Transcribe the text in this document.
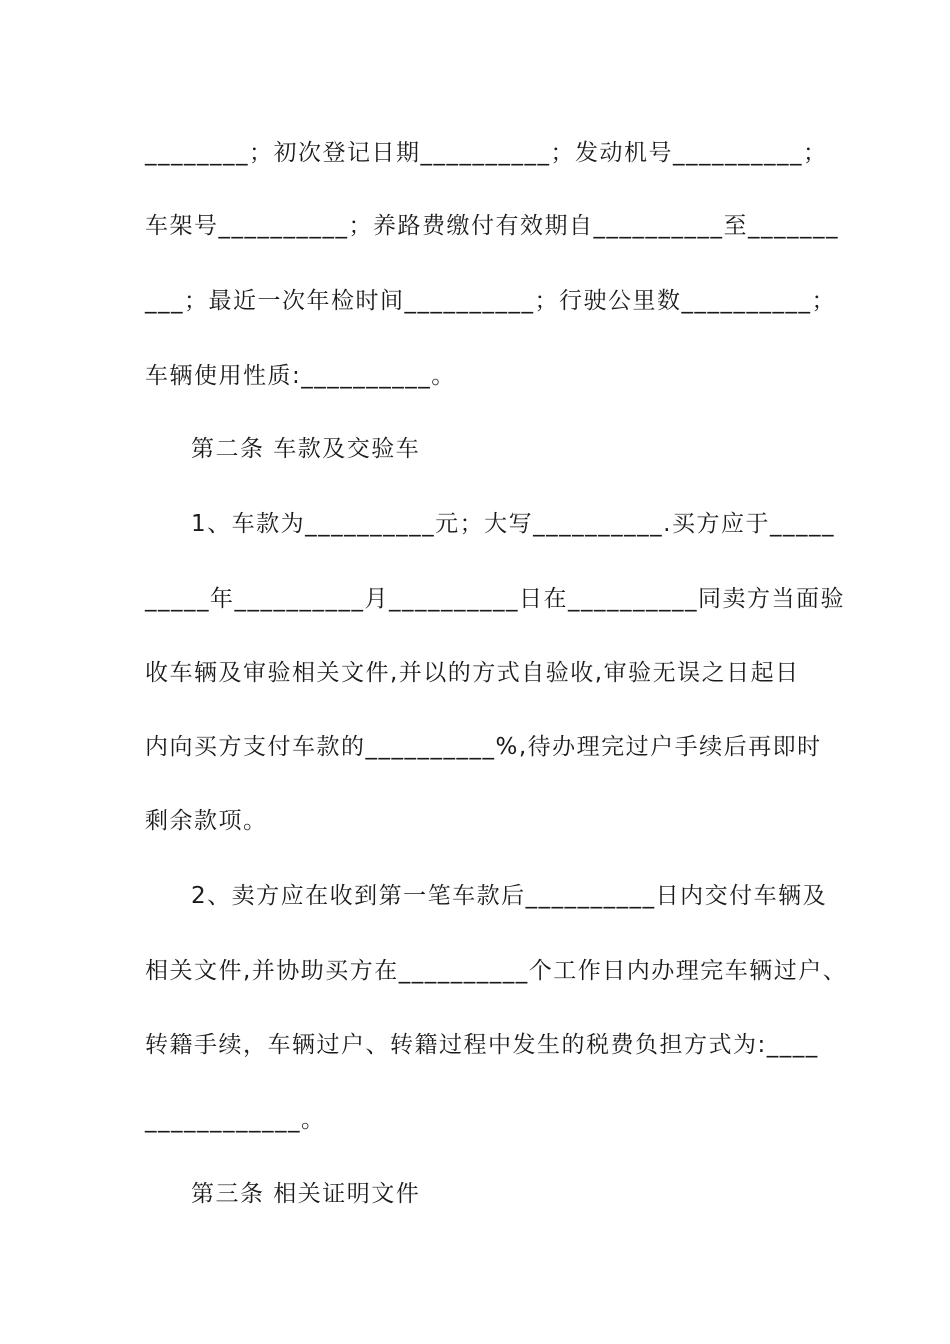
________；初次登记日期__________；发动机号__________；
车架号__________；养路费缴付有效期自__________至_______
___；最近一次年检时间__________；行驶公里数__________；
车辆使用性质:__________。
第二条 车款及交验车
1、车款为__________元；大写__________.买方应于_____
_____年__________月__________日在__________同卖方当面验
收车辆及审验相关文件,并以的方式自验收,审验无误之日起日
内向买方支付车款的__________%,待办理完过户手续后再即时
剩余款项。
2、卖方应在收到第一笔车款后__________日内交付车辆及
相关文件,并协助买方在__________个工作日内办理完车辆过户、
转籍手续，车辆过户、转籍过程中发生的税费负担方式为:____
____________。
第三条 相关证明文件
